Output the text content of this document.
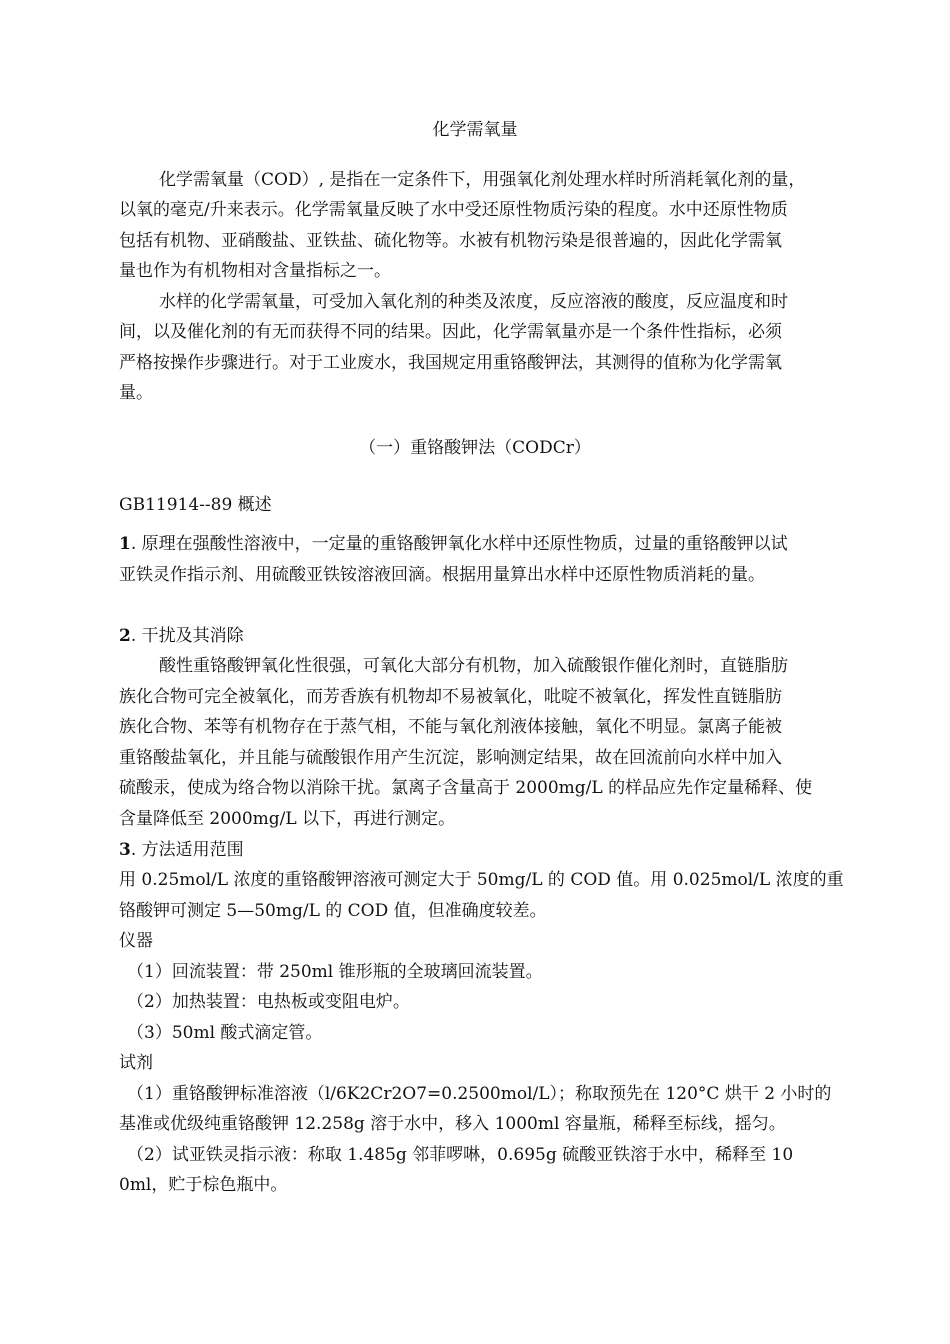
化学需氧量
化学需氧量（COD）, 是指在一定条件下，用强氧化剂处理水样时所消耗氧化剂的量，
以氧的毫克/升来表示。化学需氧量反映了水中受还原性物质污染的程度。水中还原性物质
包括有机物、亚硝酸盐、亚铁盐、硫化物等。水被有机物污染是很普遍的，因此化学需氧
量也作为有机物相对含量指标之一。
水样的化学需氧量，可受加入氧化剂的种类及浓度，反应溶液的酸度，反应温度和时
间，以及催化剂的有无而获得不同的结果。因此，化学需氧量亦是一个条件性指标，必须
严格按操作步骤进行。对于工业废水，我国规定用重铬酸钾法，其测得的值称为化学需氧
量。
（一）重铬酸钾法（CODCr）
GB11914--89 概述
1. 原理在强酸性溶液中，一定量的重铬酸钾氧化水样中还原性物质，过量的重铬酸钾以试
亚铁灵作指示剂、用硫酸亚铁铵溶液回滴。根据用量算出水样中还原性物质消耗的量。
2. 干扰及其消除
酸性重铬酸钾氧化性很强，可氧化大部分有机物，加入硫酸银作催化剂时，直链脂肪
族化合物可完全被氧化，而芳香族有机物却不易被氧化，吡啶不被氧化，挥发性直链脂肪
族化合物、苯等有机物存在于蒸气相，不能与氧化剂液体接触，氧化不明显。氯离子能被
重铬酸盐氧化，并且能与硫酸银作用产生沉淀，影响测定结果，故在回流前向水样中加入
硫酸汞，使成为络合物以消除干扰。氯离子含量高于 2000mg/L 的样品应先作定量稀释、使
含量降低至 2000mg/L 以下，再进行测定。
3. 方法适用范围
用 0.25mol/L 浓度的重铬酸钾溶液可测定大于 50mg/L 的 COD 值。用 0.025mol/L 浓度的重
铬酸钾可测定 5—50mg/L 的 COD 值，但准确度较差。
仪器
（1）回流装置：带 250ml 锥形瓶的全玻璃回流装置。
（2）加热装置：电热板或变阻电炉。
（3）50ml 酸式滴定管。
试剂
（1）重铬酸钾标准溶液（l/6K2Cr2O7=0.2500mol/L）；称取预先在 120°C 烘干 2 小时的
基准或优级纯重铬酸钾 12.258g 溶于水中，移入 1000ml 容量瓶，稀释至标线，摇匀。
（2）试亚铁灵指示液：称取 1.485g 邻菲啰啉，0.695g 硫酸亚铁溶于水中，稀释至 10
0ml，贮于棕色瓶中。
